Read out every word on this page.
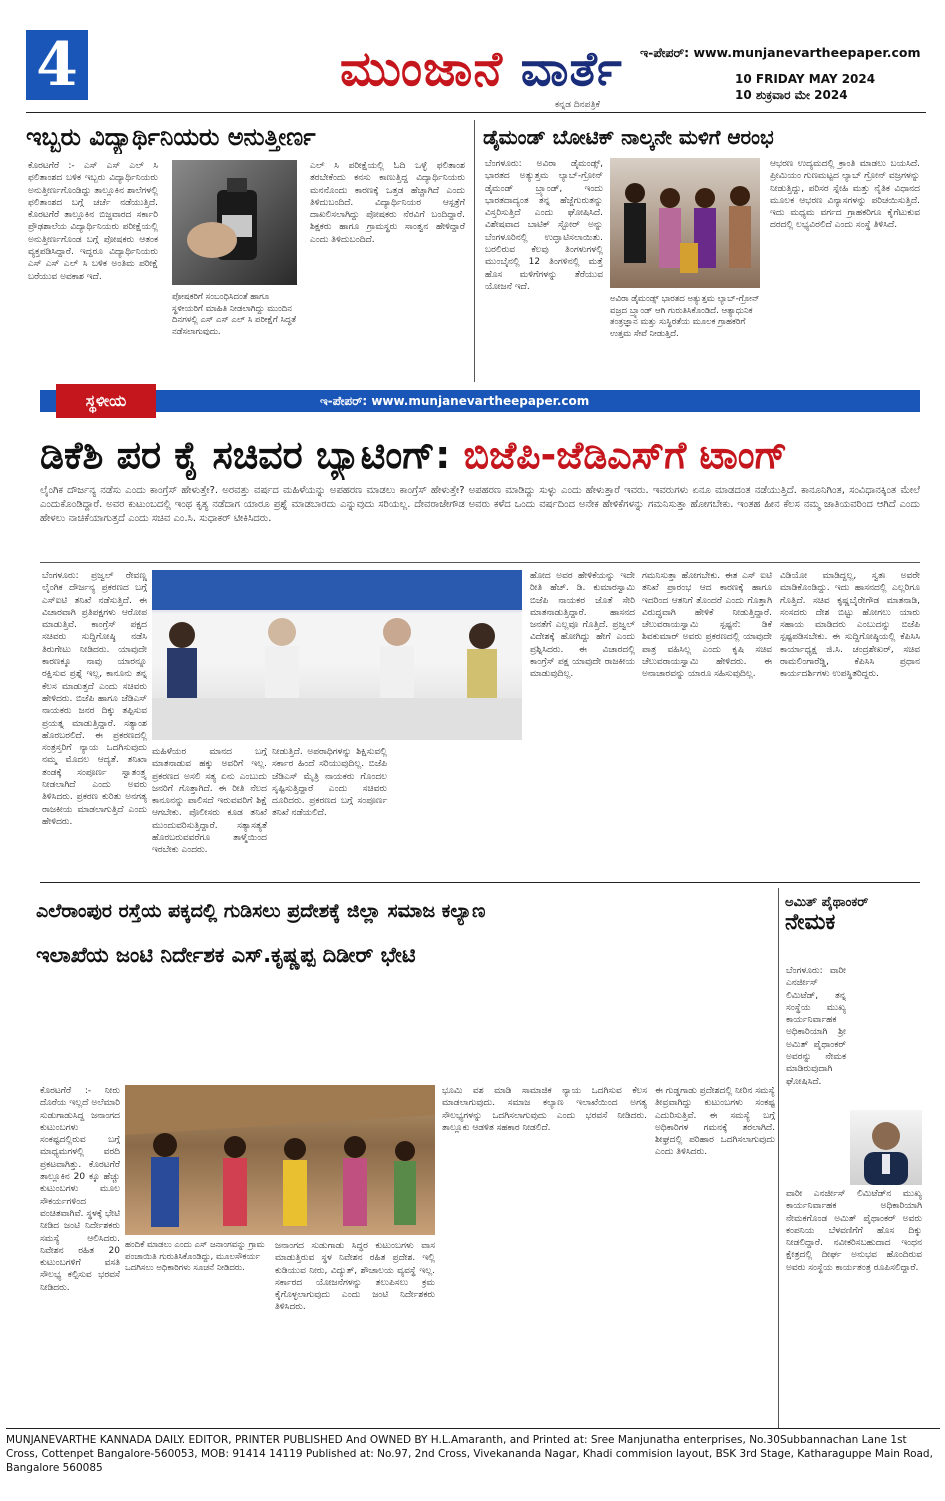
4	ಮುಂಜಾನೆ ವಾರ್ತೆ
ಕನ್ನಡ ದಿನಪತ್ರಿಕೆ
ಇ-ಪೇಪರ್: www.munjanevartheepaper.com
10 FRIDAY MAY 2024
10 ಶುಕ್ರವಾರ ಮೇ 2024
ಇಬ್ಬರು ವಿದ್ಯಾರ್ಥಿನಿಯರು ಅನುತ್ತೀರ್ಣ
ಕೊರಟಗೆರೆ :- ಎಸ್ ಎಸ್ ಎಲ್ ಸಿ ಫಲಿತಾಂಶದ ಬಳಿಕ ಇಬ್ಬರು ವಿದ್ಯಾರ್ಥಿನಿಯರು ಅನುತ್ತೀರ್ಣಗೊಂಡಿದ್ದು ತಾಲ್ಲೂಕಿನ ಶಾಲೆಗಳಲ್ಲಿ ಫಲಿತಾಂಶದ ಬಗ್ಗೆ ಚರ್ಚೆ ನಡೆಯುತ್ತಿದೆ. ಕೊರಟಗೆರೆ ತಾಲ್ಲೂಕಿನ ಬಿಜ್ಜವಾರದ ಸರ್ಕಾರಿ ಪ್ರೌಢಶಾಲೆಯ ವಿದ್ಯಾರ್ಥಿನಿಯರು ಪರೀಕ್ಷೆಯಲ್ಲಿ ಅನುತ್ತೀರ್ಣಗೊಂಡ ಬಗ್ಗೆ ಪೋಷಕರು ಆತಂಕ ವ್ಯಕ್ತಪಡಿಸಿದ್ದಾರೆ. ಇದ್ದರೂ ವಿದ್ಯಾರ್ಥಿನಿಯರು ಎಸ್ ಎಸ್ ಎಲ್ ಸಿ ಬಳಿಕ ಅಂತಿಮ ಪರೀಕ್ಷೆ ಬರೆಯುವ ಅವಕಾಶ ಇದೆ.
ಪೋಷಕರಿಗೆ ಸಂಬಂಧಿಸಿದಂತೆ ಹಾಗೂ ಸ್ಥಳೀಯರಿಗೆ ಮಾಹಿತಿ ನೀಡಲಾಗಿದ್ದು ಮುಂದಿನ ದಿನಗಳಲ್ಲಿ ಎಸ್ ಎಸ್ ಎಲ್ ಸಿ ಪರೀಕ್ಷೆಗೆ ಸಿದ್ಧತೆ ನಡೆಸಲಾಗುವುದು.
ಎಲ್ ಸಿ ಪರೀಕ್ಷೆಯಲ್ಲಿ ಓದಿ ಒಳ್ಳೆ ಫಲಿತಾಂಶ ತರಬೇಕೆಂದು ಕನಸು ಕಾಣುತ್ತಿದ್ದ ವಿದ್ಯಾರ್ಥಿನಿಯರು ಮನನೊಂದು ಕಾರಣಕ್ಕೆ ಒತ್ತಡ ಹೆಚ್ಚಾಗಿದೆ ಎಂದು ತಿಳಿದುಬಂದಿದೆ. ವಿದ್ಯಾರ್ಥಿನಿಯರ ಆಸ್ಪತ್ರೆಗೆ ದಾಖಲಿಸಲಾಗಿದ್ದು ಪೋಷಕರು ನೆರವಿಗೆ ಬಂದಿದ್ದಾರೆ. ಶಿಕ್ಷಕರು ಹಾಗೂ ಗ್ರಾಮಸ್ಥರು ಸಾಂತ್ವನ ಹೇಳಿದ್ದಾರೆ ಎಂದು ತಿಳಿದುಬಂದಿದೆ.
ಡೈಮಂಡ್ ಬೋಟಿಕ್ ನಾಲ್ಕನೇ ಮಳಿಗೆ ಆರಂಭ
ಬೆಂಗಳೂರು: ಅವಿರಾ ಡೈಮಂಡ್ಸ್, ಭಾರತದ ಅತ್ಯುತ್ತಮ ಲ್ಯಾಬ್-ಗ್ರೋನ್ ಡೈಮಂಡ್ ಬ್ರ್ಯಾಂಡ್, ಇಂದು ಭಾರತದಾದ್ಯಂತ ತನ್ನ ಹೆಜ್ಜೆಗುರುತನ್ನು ವಿಸ್ತರಿಸುತ್ತಿದೆ ಎಂದು ಘೋಷಿಸಿದೆ. ವಿಶೇಷವಾದ ಬಾಟಿಕ್ ಸ್ಟೋರ್ ಅನ್ನು ಬೆಂಗಳೂರಿನಲ್ಲಿ ಉದ್ಘಾಟಿಸಲಾಯಿತು. ಬರಲಿರುವ ಕೆಲವು ತಿಂಗಳುಗಳಲ್ಲಿ ಮುಂಬೈನಲ್ಲಿ 12 ತಿಂಗಳಿನಲ್ಲಿ ಮತ್ತೆ ಹೊಸ ಮಳಿಗೆಗಳನ್ನು ತೆರೆಯುವ ಯೋಜನೆ ಇದೆ.
ಅವಿರಾ ಡೈಮಂಡ್ಸ್ ಭಾರತದ ಅತ್ಯುತ್ತಮ ಲ್ಯಾಬ್-ಗ್ರೋನ್ ವಜ್ರದ ಬ್ರ್ಯಾಂಡ್ ಆಗಿ ಗುರುತಿಸಿಕೊಂಡಿದೆ. ಆತ್ಯಾಧುನಿಕ ತಂತ್ರಜ್ಞಾನ ಮತ್ತು ಸುಸ್ಥಿರತೆಯ ಮೂಲಕ ಗ್ರಾಹಕರಿಗೆ ಉತ್ತಮ ಸೇವೆ ನೀಡುತ್ತಿದೆ.
ಆಭರಣ ಉದ್ಯಮದಲ್ಲಿ ಕ್ರಾಂತಿ ಮಾಡಲು ಬಯಸಿದೆ. ಪ್ರೀಮಿಯಂ ಗುಣಮಟ್ಟದ ಲ್ಯಾಬ್ ಗ್ರೋನ್ ವಜ್ರಗಳನ್ನು ನೀಡುತ್ತಿದ್ದು, ಪರಿಸರ ಸ್ನೇಹಿ ಮತ್ತು ನೈತಿಕ ವಿಧಾನದ ಮೂಲಕ ಆಭರಣ ವಿನ್ಯಾಸಗಳನ್ನು ಪರಿಚಯಿಸುತ್ತಿದೆ. ಇದು ಮಧ್ಯಮ ವರ್ಗದ ಗ್ರಾಹಕರಿಗೂ ಕೈಗೆಟುಕುವ ದರದಲ್ಲಿ ಲಭ್ಯವಿರಲಿದೆ ಎಂದು ಸಂಸ್ಥೆ ತಿಳಿಸಿದೆ.
ಸ್ಥಳೀಯ	ಇ-ಪೇಪರ್: www.munjanevartheepaper.com
ಡಿಕೆಶಿ ಪರ ಕೈ ಸಚಿವರ ಬ್ಯಾಟಿಂಗ್: ಬಿಜೆಪಿ-ಜೆಡಿಎಸ್‌ಗೆ ಟಾಂಗ್
ಲೈಂಗಿಕ ದೌರ್ಜನ್ಯ ನಡೆಸು ಎಂದು ಕಾಂಗ್ರೆಸ್ ಹೇಳುತ್ತೇ?. ಅರವತ್ತು ವರ್ಷದ ಮಹಿಳೆಯನ್ನು ಅಪಹರಣ ಮಾಡಲು ಕಾಂಗ್ರೆಸ್ ಹೇಳುತ್ತೇ? ಅಪಹರಣ ಮಾಡಿದ್ದು ಸುಳ್ಳು ಎಂದು ಹೇಳುತ್ತಾರೆ ಇವರು. ಇವರುಗಳು ಏನೂ ಮಾಡದಂತ ನಡೆಯುತ್ತಿದೆ. ಕಾನೂನಿಗಿಂತ, ಸಂವಿಧಾನಕ್ಕಿಂತ ಮೇಲೆ ಎಂದುಕೊಂಡಿದ್ದಾರೆ. ಅವರ ಕುಟುಂಬದಲ್ಲಿ ಇಂಥ ಕೃತ್ಯ ನಡೆದಾಗ ಯಾರೂ ಪ್ರಶ್ನೆ ಮಾಡಬಾರದು ಎನ್ನುವುದು ಸರಿಯಲ್ಲ. ದೇವರಾಜೇಗೌಡ ಅವರು ಕಳೆದ ಒಂದು ವರ್ಷದಿಂದ ಅನೇಕ ಹೇಳಿಕೆಗಳನ್ನು ಗಮನಿಸುತ್ತಾ ಹೋಗಬೇಕು. ಇಂತಹ ಹೀನ ಕೆಲಸ ನಮ್ಮ ಜಾತಿಯವರಿಂದ ಆಗಿದೆ ಎಂದು ಹೇಳಲು ನಾಚಿಕೆಯಾಗುತ್ತದೆ ಎಂದು ಸಚಿವ ಎಂ.ಸಿ. ಸುಧಾಕರ್ ಟೀಕಿಸಿದರು.
ಬೆಂಗಳೂರು: ಪ್ರಜ್ವಲ್ ರೇವಣ್ಣ ಲೈಂಗಿಕ ದೌರ್ಜನ್ಯ ಪ್ರಕರಣದ ಬಗ್ಗೆ ಎಸ್ಐಟಿ ತನಿಖೆ ನಡೆಸುತ್ತಿದೆ. ಈ ವಿಚಾರವಾಗಿ ಪ್ರತಿಪಕ್ಷಗಳು ಆರೋಪ ಮಾಡುತ್ತಿವೆ. ಕಾಂಗ್ರೆಸ್ ಪಕ್ಷದ ಸಚಿವರು ಸುದ್ದಿಗೋಷ್ಠಿ ನಡೆಸಿ ತಿರುಗೇಟು ನೀಡಿದರು. ಯಾವುದೇ ಕಾರಣಕ್ಕೂ ನಾವು ಯಾರನ್ನೂ ರಕ್ಷಿಸುವ ಪ್ರಶ್ನೆ ಇಲ್ಲ, ಕಾನೂನು ತನ್ನ ಕೆಲಸ ಮಾಡುತ್ತದೆ ಎಂದು ಸಚಿವರು ಹೇಳಿದರು. ಬಿಜೆಪಿ ಹಾಗೂ ಜೆಡಿಎಸ್ ನಾಯಕರು ಜನರ ದಿಕ್ಕು ತಪ್ಪಿಸುವ ಪ್ರಯತ್ನ ಮಾಡುತ್ತಿದ್ದಾರೆ. ಸತ್ಯಾಂಶ ಹೊರಬರಲಿದೆ. ಈ ಪ್ರಕರಣದಲ್ಲಿ ಸಂತ್ರಸ್ತರಿಗೆ ನ್ಯಾಯ ಒದಗಿಸುವುದು ನಮ್ಮ ಮೊದಲ ಆದ್ಯತೆ. ತನಿಖಾ ತಂಡಕ್ಕೆ ಸಂಪೂರ್ಣ ಸ್ವಾತಂತ್ರ್ಯ ನೀಡಲಾಗಿದೆ ಎಂದು ಅವರು ತಿಳಿಸಿದರು. ಪ್ರಕರಣ ಕುರಿತು ಅನಗತ್ಯ ರಾಜಕೀಯ ಮಾಡಲಾಗುತ್ತಿದೆ ಎಂದು ಹೇಳಿದರು.
ಮಹಿಳೆಯರ ಮಾನದ ಬಗ್ಗೆ ಮಾತನಾಡುವ ಹಕ್ಕು ಅವರಿಗೆ ಇಲ್ಲ. ಪ್ರಕರಣದ ಅಸಲಿ ಸತ್ಯ ಏನು ಎಂಬುದು ಜನರಿಗೆ ಗೊತ್ತಾಗಿದೆ. ಈ ರೀತಿ ನೆಲದ ಕಾನೂನನ್ನು ಪಾಲಿಸದೆ ಇರುವವರಿಗೆ ಶಿಕ್ಷೆ ಆಗಬೇಕು. ಪೊಲೀಸರು ಕೂಡ ತನಿಖೆ ಮುಂದುವರಿಸುತ್ತಿದ್ದಾರೆ. ಸತ್ಯಾಸತ್ಯತೆ ಹೊರಬರುವವರೆಗೂ ತಾಳ್ಮೆಯಿಂದ ಇರಬೇಕು ಎಂದರು.
ನೀಡುತ್ತಿದೆ. ಅಪರಾಧಿಗಳನ್ನು ಶಿಕ್ಷಿಸುವಲ್ಲಿ ಸರ್ಕಾರ ಹಿಂದೆ ಸರಿಯುವುದಿಲ್ಲ. ಬಿಜೆಪಿ ಜೆಡಿಎಸ್ ಮೈತ್ರಿ ನಾಯಕರು ಗೊಂದಲ ಸೃಷ್ಟಿಸುತ್ತಿದ್ದಾರೆ ಎಂದು ಸಚಿವರು ದೂರಿದರು. ಪ್ರಕರಣದ ಬಗ್ಗೆ ಸಂಪೂರ್ಣ ತನಿಖೆ ನಡೆಯಲಿದೆ.
ಹೋದ ಅವರ ಹೇಳಿಕೆಯನ್ನು ಇದೇ ರೀತಿ ಹೆಚ್. ಡಿ. ಕುಮಾರಸ್ವಾಮಿ ಬಿಜೆಪಿ ನಾಯಕರ ಜೊತೆ ಸೇರಿ ಮಾತನಾಡುತ್ತಿದ್ದಾರೆ. ಹಾಸನದ ಜನತೆಗೆ ಎಲ್ಲವೂ ಗೊತ್ತಿದೆ. ಪ್ರಜ್ವಲ್ ವಿದೇಶಕ್ಕೆ ಹೋಗಿದ್ದು ಹೇಗೆ ಎಂದು ಪ್ರಶ್ನಿಸಿದರು. ಈ ವಿಚಾರದಲ್ಲಿ ಕಾಂಗ್ರೆಸ್ ಪಕ್ಷ ಯಾವುದೇ ರಾಜಕೀಯ ಮಾಡುವುದಿಲ್ಲ.
ಗಮನಿಸುತ್ತಾ ಹೋಗಬೇಕು. ಈತ ಎಸ್ ಐಟಿ ತನಿಖೆ ಪ್ರಾರಂಭ ಆದ ಕಾರಣಕ್ಕೆ ಹಾಗೂ ಇದರಿಂದ ಆತನಿಗೆ ತೊಂದರೆ ಎಂದು ಗೊತ್ತಾಗಿ ವಿರುದ್ಧವಾಗಿ ಹೇಳಿಕೆ ನೀಡುತ್ತಿದ್ದಾರೆ. ಚೆಲುವರಾಯಸ್ವಾಮಿ ಸ್ಪಷ್ಟನೆ: ಡಿಕೆ ಶಿವಕುಮಾರ್ ಅವರು ಪ್ರಕರಣದಲ್ಲಿ ಯಾವುದೇ ಪಾತ್ರ ವಹಿಸಿಲ್ಲ ಎಂದು ಕೃಷಿ ಸಚಿವ ಚೆಲುವರಾಯಸ್ವಾಮಿ ಹೇಳಿದರು. ಈ ಅನಾಚಾರವನ್ನು ಯಾರೂ ಸಹಿಸುವುದಿಲ್ಲ.
ವಿಡಿಯೋ ಮಾಡಿದ್ದಲ್ಲ, ಸ್ವತಃ ಅವರೇ ಮಾಡಿಕೊಂಡಿದ್ದು. ಇದು ಹಾಸನದಲ್ಲಿ ಎಲ್ಲರಿಗೂ ಗೊತ್ತಿದೆ. ಸಚಿವ ಕೃಷ್ಣಬೈರೇಗೌಡ ಮಾತನಾಡಿ, ಸಂಸದರು ದೇಶ ಬಿಟ್ಟು ಹೋಗಲು ಯಾರು ಸಹಾಯ ಮಾಡಿದರು ಎಂಬುದನ್ನು ಬಿಜೆಪಿ ಸ್ಪಷ್ಟಪಡಿಸಬೇಕು. ಈ ಸುದ್ದಿಗೋಷ್ಠಿಯಲ್ಲಿ ಕೆಪಿಸಿಸಿ ಕಾರ್ಯಾಧ್ಯಕ್ಷ ಜಿ.ಸಿ. ಚಂದ್ರಶೇಖರ್, ಸಚಿವ ರಾಮಲಿಂಗಾರೆಡ್ಡಿ, ಕೆಪಿಸಿಸಿ ಪ್ರಧಾನ ಕಾರ್ಯದರ್ಶಿಗಳು ಉಪಸ್ಥಿತರಿದ್ದರು.
ಎಲೆರಾಂಪುರ ರಸ್ತೆಯ ಪಕ್ಕದಲ್ಲಿ ಗುಡಿಸಲು ಪ್ರದೇಶಕ್ಕೆ ಜಿಲ್ಲಾ ಸಮಾಜ ಕಲ್ಯಾಣ
ಇಲಾಖೆಯ ಜಂಟಿ ನಿರ್ದೇಶಕ ಎಸ್.ಕೃಷ್ಣಪ್ಪ ದಿಡೀರ್ ಭೇಟಿ
ಕೊರಟಗೆರೆ :- ನೀರು ದೊರೆಯ ಇಲ್ಲದೆ ಅಲೆಮಾರಿ ಸುಡುಗಾಡುಸಿದ್ದ ಜನಾಂಗದ ಕುಟುಂಬಗಳು ಸಂಕಷ್ಟದಲ್ಲಿರುವ ಬಗ್ಗೆ ಮಾಧ್ಯಮಗಳಲ್ಲಿ ವರದಿ ಪ್ರಕಟವಾಗಿತ್ತು. ಕೊರಟಗೆರೆ ತಾಲ್ಲೂಕಿನ 20 ಕ್ಕೂ ಹೆಚ್ಚು ಕುಟುಂಬಗಳು ಮೂಲ ಸೌಕರ್ಯಗಳಿಂದ ವಂಚಿತವಾಗಿವೆ. ಸ್ಥಳಕ್ಕೆ ಭೇಟಿ ನೀಡಿದ ಜಂಟಿ ನಿರ್ದೇಶಕರು ಸಮಸ್ಯೆ ಆಲಿಸಿದರು. ನಿವೇಶನ ರಹಿತ 20 ಕುಟುಂಬಗಳಿಗೆ ವಸತಿ ಸೌಲಭ್ಯ ಕಲ್ಪಿಸುವ ಭರವಸೆ ನೀಡಿದರು.
ಹಂದಿಕೆ ಮಾಡಲು ಎಂದು ಎಸ್ ಜನಾಂಗವನ್ನು ಗ್ರಾಮ ಪಂಚಾಯಿತಿ ಗುರುತಿಸಿಕೊಂಡಿದ್ದು, ಮೂಲಸೌಕರ್ಯ ಒದಗಿಸಲು ಅಧಿಕಾರಿಗಳು ಸೂಚನೆ ನೀಡಿದರು.
ಜನಾಂಗದ ಸುಡುಗಾಡು ಸಿದ್ಧರ ಕುಟುಂಬಗಳು ವಾಸ ಮಾಡುತ್ತಿರುವ ಸ್ಥಳ ನಿವೇಶನ ರಹಿತ ಪ್ರದೇಶ. ಇಲ್ಲಿ ಕುಡಿಯುವ ನೀರು, ವಿದ್ಯುತ್, ಶೌಚಾಲಯ ವ್ಯವಸ್ಥೆ ಇಲ್ಲ. ಸರ್ಕಾರದ ಯೋಜನೆಗಳನ್ನು ತಲುಪಿಸಲು ಕ್ರಮ ಕೈಗೊಳ್ಳಲಾಗುವುದು ಎಂದು ಜಂಟಿ ನಿರ್ದೇಶಕರು ತಿಳಿಸಿದರು.
ಭೂಮಿ ವಶ ಮಾಡಿ ಸಾಮಾಜಿಕ ನ್ಯಾಯ ಒದಗಿಸುವ ಕೆಲಸ ಮಾಡಲಾಗುವುದು. ಸಮಾಜ ಕಲ್ಯಾಣ ಇಲಾಖೆಯಿಂದ ಅಗತ್ಯ ಸೌಲಭ್ಯಗಳನ್ನು ಒದಗಿಸಲಾಗುವುದು ಎಂದು ಭರವಸೆ ನೀಡಿದರು. ತಾಲ್ಲೂಕು ಆಡಳಿತ ಸಹಕಾರ ನೀಡಲಿದೆ.
ಈ ಗುಡ್ಡಗಾಡು ಪ್ರದೇಶದಲ್ಲಿ ನೀರಿನ ಸಮಸ್ಯೆ ತೀವ್ರವಾಗಿದ್ದು ಕುಟುಂಬಗಳು ಸಂಕಷ್ಟ ಎದುರಿಸುತ್ತಿವೆ. ಈ ಸಮಸ್ಯೆ ಬಗ್ಗೆ ಅಧಿಕಾರಿಗಳ ಗಮನಕ್ಕೆ ತರಲಾಗಿದೆ. ಶೀಘ್ರದಲ್ಲಿ ಪರಿಹಾರ ಒದಗಿಸಲಾಗುವುದು ಎಂದು ತಿಳಿಸಿದರು.
ಅಮಿತ್ ಪೈಥಾಂಕರ್
ನೇಮಕ
ಬೆಂಗಳೂರು: ವಾರೀ ಎನರ್ಜೀಸ್ ಲಿಮಿಟೆಡ್, ತನ್ನ ಸಂಸ್ಥೆಯ ಮುಖ್ಯ ಕಾರ್ಯನಿರ್ವಾಹಕ ಅಧಿಕಾರಿಯಾಗಿ ಶ್ರೀ ಅಮಿತ್ ಪೈಥಾಂಕರ್ ಅವರನ್ನು ನೇಮಕ ಮಾಡಿರುವುದಾಗಿ ಘೋಷಿಸಿದೆ.
ವಾರೀ ಎನರ್ಜೀಸ್ ಲಿಮಿಟೆಡ್‌ನ ಮುಖ್ಯ ಕಾರ್ಯನಿರ್ವಾಹಕ ಅಧಿಕಾರಿಯಾಗಿ ನೇಮಕಗೊಂಡ ಅಮಿತ್ ಪೈಥಾಂಕರ್ ಅವರು ಕಂಪನಿಯ ಬೆಳವಣಿಗೆಗೆ ಹೊಸ ದಿಕ್ಕು ನೀಡಲಿದ್ದಾರೆ. ನವೀಕರಿಸಬಹುದಾದ ಇಂಧನ ಕ್ಷೇತ್ರದಲ್ಲಿ ದೀರ್ಘ ಅನುಭವ ಹೊಂದಿರುವ ಅವರು ಸಂಸ್ಥೆಯ ಕಾರ್ಯತಂತ್ರ ರೂಪಿಸಲಿದ್ದಾರೆ.
MUNJANEVARTHE KANNADA DAILY. EDITOR, PRINTER PUBLISHED And OWNED BY H.L.Amaranth, and Printed at: Sree Manjunatha enterprises, No.30Subbannachan Lane 1st Cross, Cottenpet Bangalore-560053, MOB: 91414 14119 Published at: No.97, 2nd Cross, Vivekananda Nagar, Khadi commision layout, BSK 3rd Stage, Katharaguppe Main Road, Bangalore 560085
